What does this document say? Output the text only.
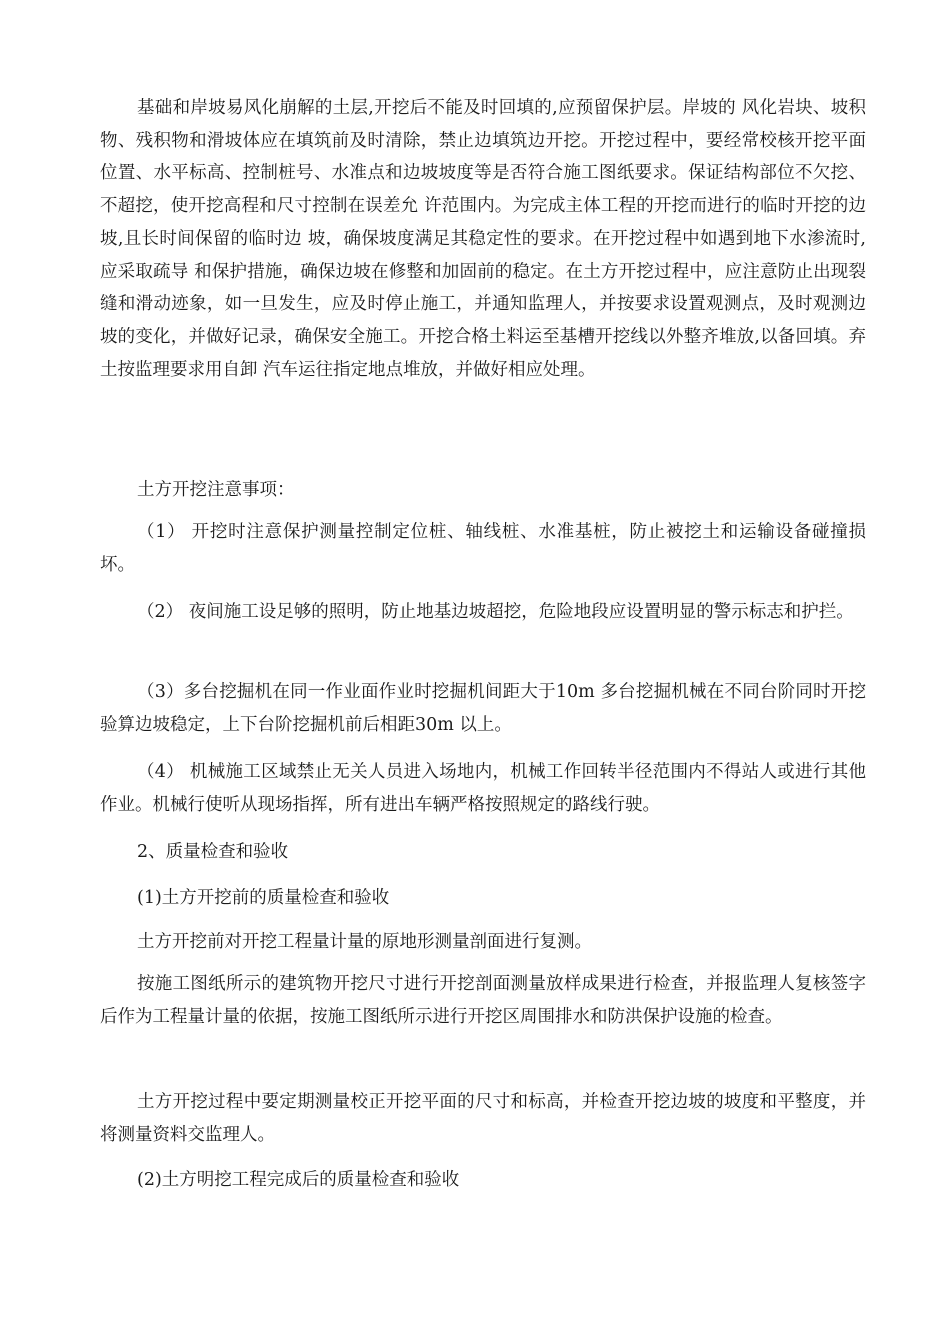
基础和岸坡易风化崩解的土层,开挖后不能及时回填的,应预留保护层。岸坡的 风化岩块、坡积物、残积物和滑坡体应在填筑前及时清除，禁止边填筑边开挖。开挖过程中，要经常校核开挖平面位置、水平标高、控制桩号、水准点和边坡坡度等是否符合施工图纸要求。保证结构部位不欠挖、不超挖，使开挖高程和尺寸控制在误差允 许范围内。为完成主体工程的开挖而进行的临时开挖的边坡,且长时间保留的临时边 坡，确保坡度满足其稳定性的要求。在开挖过程中如遇到地下水渗流时,应采取疏导 和保护措施，确保边坡在修整和加固前的稳定。在土方开挖过程中，应注意防止出现裂缝和滑动迹象，如一旦发生，应及时停止施工，并通知监理人，并按要求设置观测点，及时观测边坡的变化，并做好记录，确保安全施工。开挖合格土料运至基槽开挖线以外整齐堆放,以备回填。弃土按监理要求用自卸 汽车运往指定地点堆放，并做好相应处理。

土方开挖注意事项：

（1） 开挖时注意保护测量控制定位桩、轴线桩、水准基桩，防止被挖土和运输设备碰撞损坏。

（2） 夜间施工设足够的照明，防止地基边坡超挖，危险地段应设置明显的警示标志和护拦。

（3）多台挖掘机在同一作业面作业时挖掘机间距大于10m 多台挖掘机械在不同台阶同时开挖验算边坡稳定，上下台阶挖掘机前后相距30m 以上。

（4） 机械施工区域禁止无关人员进入场地内，机械工作回转半径范围内不得站人或进行其他作业。机械行使听从现场指挥，所有进出车辆严格按照规定的路线行驶。

2、质量检查和验收

(1)土方开挖前的质量检查和验收

土方开挖前对开挖工程量计量的原地形测量剖面进行复测。

按施工图纸所示的建筑物开挖尺寸进行开挖剖面测量放样成果进行检查，并报监理人复核签字后作为工程量计量的依据，按施工图纸所示进行开挖区周围排水和防洪保护设施的检查。

土方开挖过程中要定期测量校正开挖平面的尺寸和标高，并检查开挖边坡的坡度和平整度，并将测量资料交监理人。

(2)土方明挖工程完成后的质量检查和验收
